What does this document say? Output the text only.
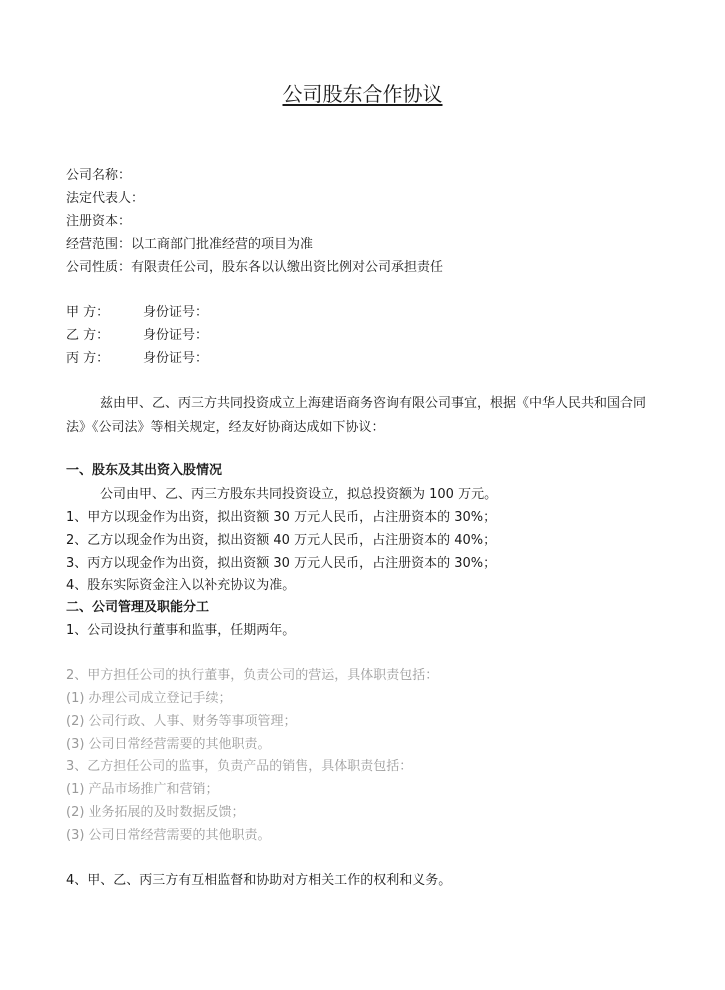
公司股东合作协议
公司名称：
法定代表人：
注册资本：
经营范围：以工商部门批准经营的项目为准
公司性质：有限责任公司，股东各以认缴出资比例对公司承担责任
甲 方：	身份证号：
乙 方：	身份证号：
丙 方：	身份证号：
兹由甲、乙、丙三方共同投资成立上海建语商务咨询有限公司事宜，根据《中华人民共和国合同法》《公司法》等相关规定，经友好协商达成如下协议：
一、股东及其出资入股情况
公司由甲、乙、丙三方股东共同投资设立，拟总投资额为 100 万元。
1、甲方以现金作为出资，拟出资额 30 万元人民币，占注册资本的 30%；
2、乙方以现金作为出资，拟出资额 40 万元人民币，占注册资本的 40%；
3、丙方以现金作为出资，拟出资额 30 万元人民币，占注册资本的 30%；
4、股东实际资金注入以补充协议为准。
二、公司管理及职能分工
1、公司设执行董事和监事，任期两年。
2、甲方担任公司的执行董事，负责公司的营运，具体职责包括：
(1) 办理公司成立登记手续；
(2) 公司行政、人事、财务等事项管理；
(3) 公司日常经营需要的其他职责。
3、乙方担任公司的监事，负责产品的销售，具体职责包括：
(1) 产品市场推广和营销；
(2) 业务拓展的及时数据反馈；
(3) 公司日常经营需要的其他职责。
4、甲、乙、丙三方有互相监督和协助对方相关工作的权利和义务。
